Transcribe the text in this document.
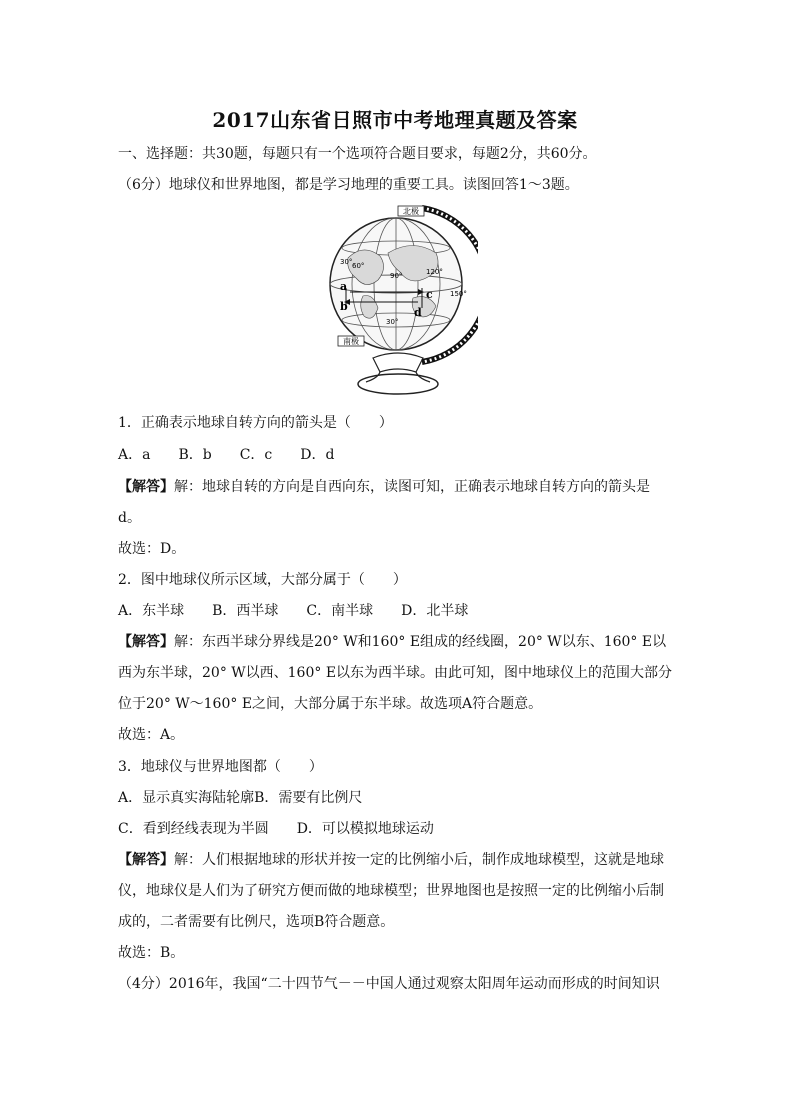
2017山东省日照市中考地理真题及答案
一、选择题：共30题，每题只有一个选项符合题目要求，每题2分，共60分。
（6分）地球仪和世界地图，都是学习地理的重要工具。读图回答1～3题。
北极
南极
a
b
c
d
30° 60°
90°	120°
150°
30°
1．正确表示地球自转方向的箭头是（　　）
A．a　　B．b　　C．c　　D．d
【解答】解：地球自转的方向是自西向东，读图可知，正确表示地球自转方向的箭头是
d。
故选：D。
2．图中地球仪所示区域，大部分属于（　　）
A．东半球　　B．西半球　　C．南半球　　D．北半球
【解答】解：东西半球分界线是20° W和160° E组成的经线圈，20° W以东、160° E以
西为东半球，20° W以西、160° E以东为西半球。由此可知，图中地球仪上的范围大部分
位于20° W～160° E之间，大部分属于东半球。故选项A符合题意。
故选：A。
3．地球仪与世界地图都（　　）
A．显示真实海陆轮廓B．需要有比例尺
C．看到经线表现为半圆　　D．可以模拟地球运动
【解答】解：人们根据地球的形状并按一定的比例缩小后，制作成地球模型，这就是地球
仪，地球仪是人们为了研究方便而做的地球模型；世界地图也是按照一定的比例缩小后制
成的，二者需要有比例尺，选项B符合题意。
故选：B。
（4分）2016年，我国“二十四节气－－中国人通过观察太阳周年运动而形成的时间知识
